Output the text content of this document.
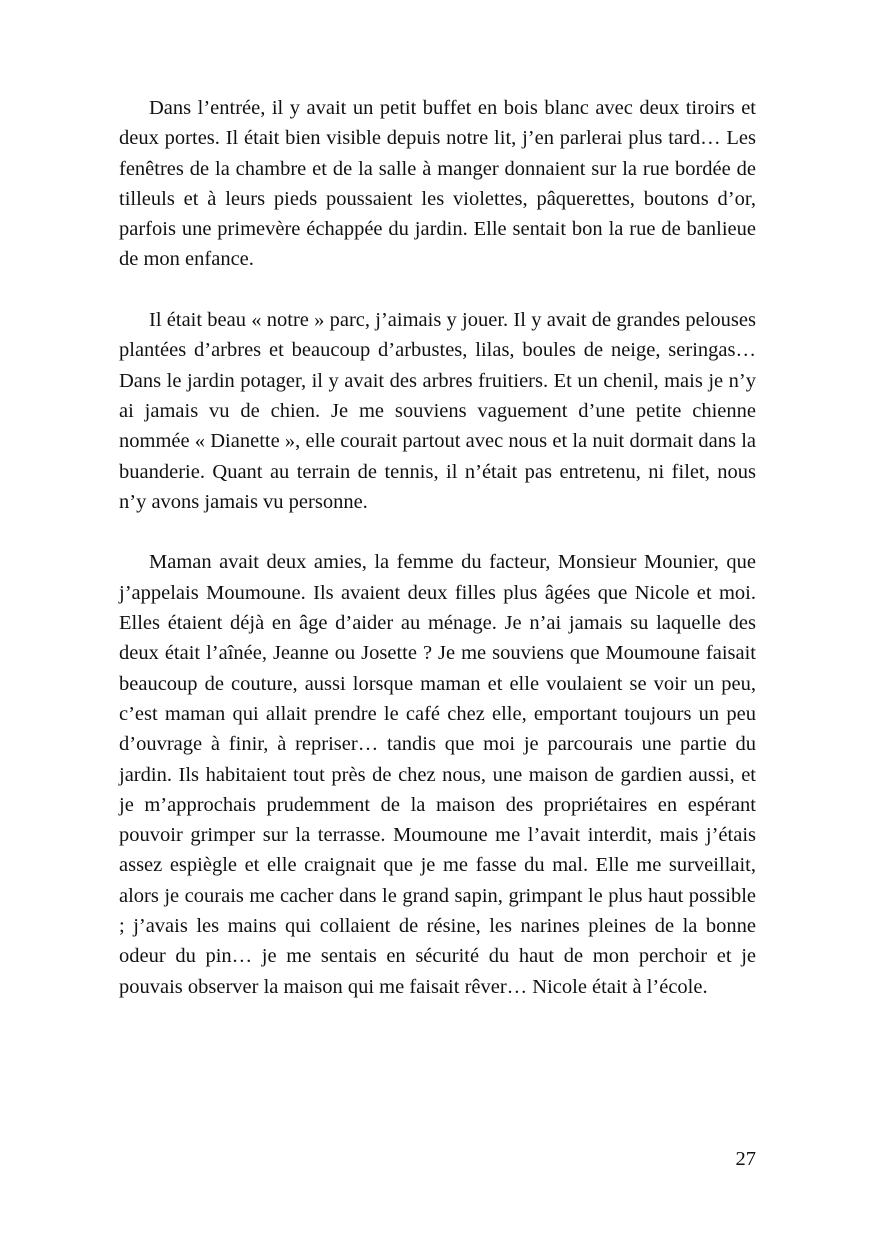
Dans l’entrée, il y avait un petit buffet en bois blanc avec deux tiroirs et deux portes. Il était bien visible depuis notre lit, j’en parlerai plus tard… Les fenêtres de la chambre et de la salle à manger donnaient sur la rue bordée de tilleuls et à leurs pieds poussaient les violettes, pâquerettes, boutons d’or, parfois une primevère échappée du jardin. Elle sentait bon la rue de banlieue de mon enfance.

Il était beau « notre » parc, j’aimais y jouer. Il y avait de grandes pelouses plantées d’arbres et beaucoup d’arbustes, lilas, boules de neige, seringas… Dans le jardin potager, il y avait des arbres fruitiers. Et un chenil, mais je n’y ai jamais vu de chien. Je me souviens vaguement d’une petite chienne nommée « Dianette », elle courait partout avec nous et la nuit dormait dans la buanderie. Quant au terrain de tennis, il n’était pas entretenu, ni filet, nous n’y avons jamais vu personne.

Maman avait deux amies, la femme du facteur, Monsieur Mounier, que j’appelais Moumoune. Ils avaient deux filles plus âgées que Nicole et moi. Elles étaient déjà en âge d’aider au ménage. Je n’ai jamais su laquelle des deux était l’aînée, Jeanne ou Josette ? Je me souviens que Moumoune faisait beaucoup de couture, aussi lorsque maman et elle voulaient se voir un peu, c’est maman qui allait prendre le café chez elle, emportant toujours un peu d’ouvrage à finir, à repriser… tandis que moi je parcourais une partie du jardin. Ils habitaient tout près de chez nous, une maison de gardien aussi, et je m’approchais prudemment de la maison des propriétaires en espérant pouvoir grimper sur la terrasse. Moumoune me l’avait interdit, mais j’étais assez espiègle et elle craignait que je me fasse du mal. Elle me surveillait, alors je courais me cacher dans le grand sapin, grimpant le plus haut possible ; j’avais les mains qui collaient de résine, les narines pleines de la bonne odeur du pin… je me sentais en sécurité du haut de mon perchoir et je pouvais observer la maison qui me faisait rêver… Nicole était à l’école.

27
